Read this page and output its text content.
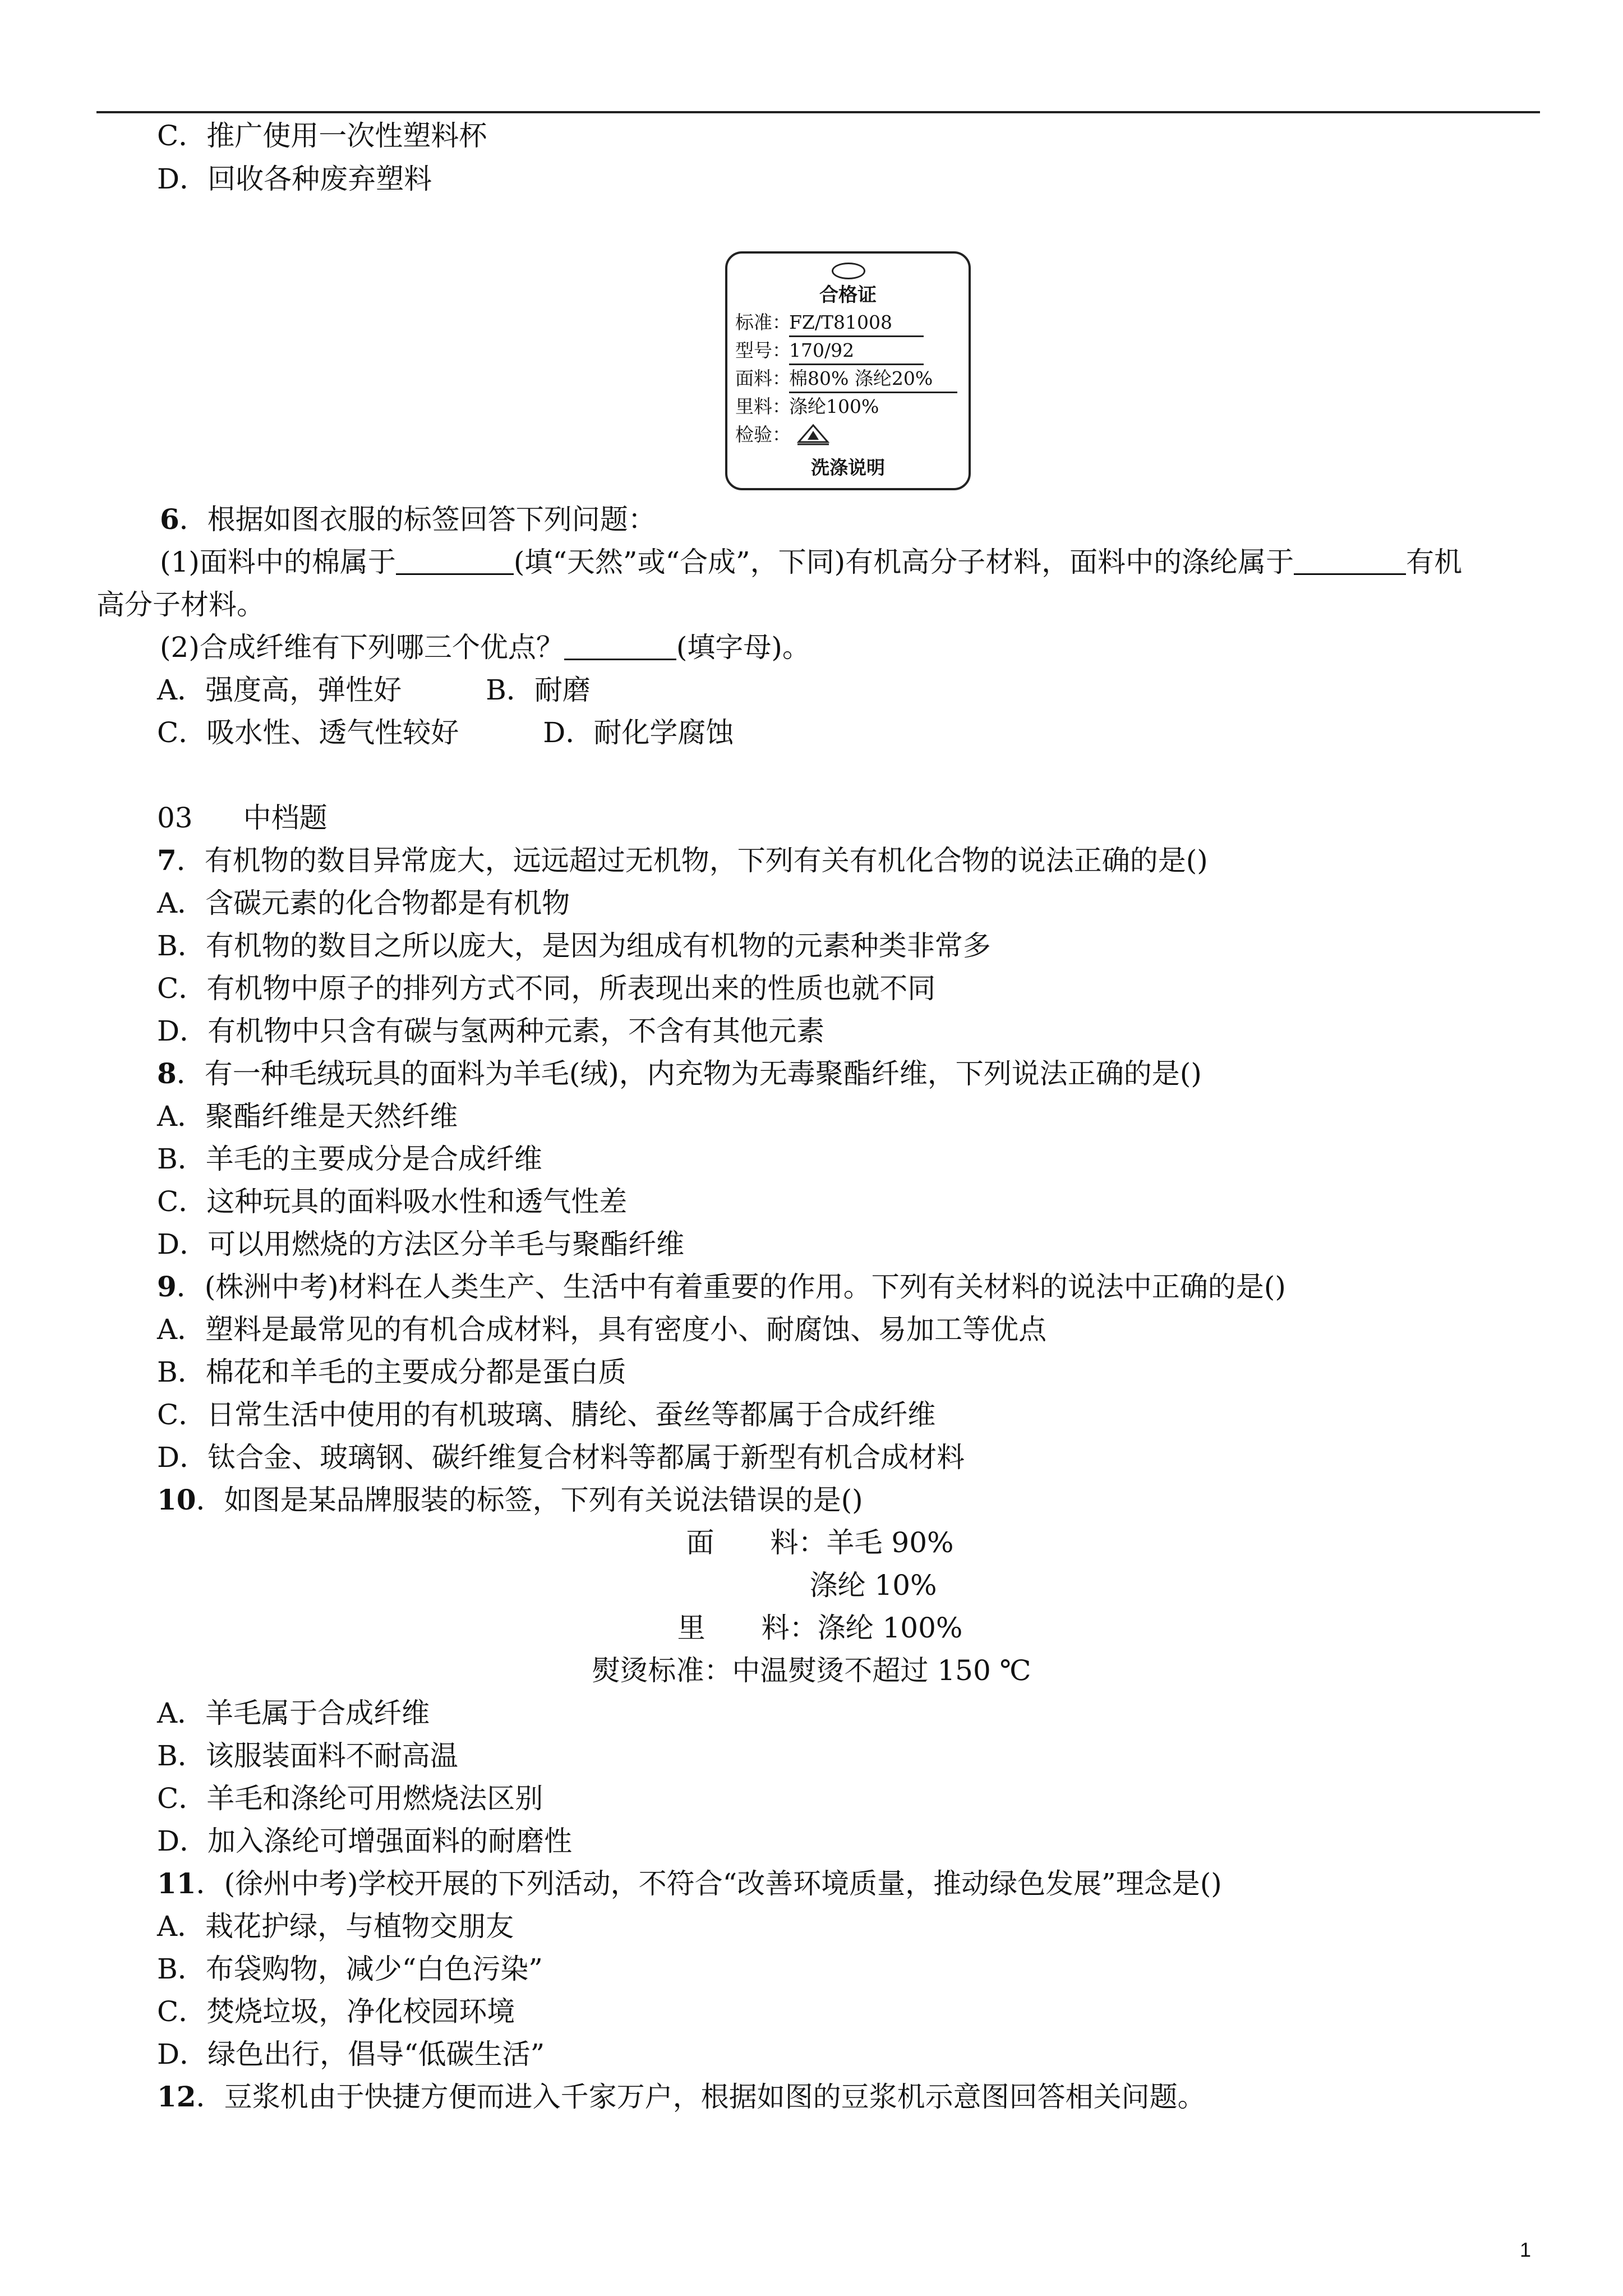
C．推广使用一次性塑料杯
D．回收各种废弃塑料
合格证
标准：FZ/T81008
型号：170/92
面料：棉80% 涤纶20%
里料：涤纶100%
检验：
洗涤说明
6．根据如图衣服的标签回答下列问题：
(1)面料中的棉属于	(填“天然”或“合成”，下同)有机高分子材料，面料中的涤纶属于	有机
高分子材料。
(2)合成纤维有下列哪三个优点？	(填字母)。
A．强度高，弹性好	B．耐磨
C．吸水性、透气性较好	D．耐化学腐蚀
03 中档题
7．有机物的数目异常庞大，远远超过无机物，下列有关有机化合物的说法正确的是()
A．含碳元素的化合物都是有机物
B．有机物的数目之所以庞大，是因为组成有机物的元素种类非常多
C．有机物中原子的排列方式不同，所表现出来的性质也就不同
D．有机物中只含有碳与氢两种元素，不含有其他元素
8．有一种毛绒玩具的面料为羊毛(绒)，内充物为无毒聚酯纤维，下列说法正确的是()
A．聚酯纤维是天然纤维
B．羊毛的主要成分是合成纤维
C．这种玩具的面料吸水性和透气性差
D．可以用燃烧的方法区分羊毛与聚酯纤维
9．(株洲中考)材料在人类生产、生活中有着重要的作用。下列有关材料的说法中正确的是()
A．塑料是最常见的有机合成材料，具有密度小、耐腐蚀、易加工等优点
B．棉花和羊毛的主要成分都是蛋白质
C．日常生活中使用的有机玻璃、腈纶、蚕丝等都属于合成纤维
D．钛合金、玻璃钢、碳纤维复合材料等都属于新型有机合成材料
10．如图是某品牌服装的标签，下列有关说法错误的是()
面　　料：羊毛 90%
涤纶 10%
里　　料：涤纶 100%
熨烫标准：中温熨烫不超过 150 ℃
A．羊毛属于合成纤维
B．该服装面料不耐高温
C．羊毛和涤纶可用燃烧法区别
D．加入涤纶可增强面料的耐磨性
11．(徐州中考)学校开展的下列活动，不符合“改善环境质量，推动绿色发展”理念是()
A．栽花护绿，与植物交朋友
B．布袋购物，减少“白色污染”
C．焚烧垃圾，净化校园环境
D．绿色出行，倡导“低碳生活”
12．豆浆机由于快捷方便而进入千家万户，根据如图的豆浆机示意图回答相关问题。
1
